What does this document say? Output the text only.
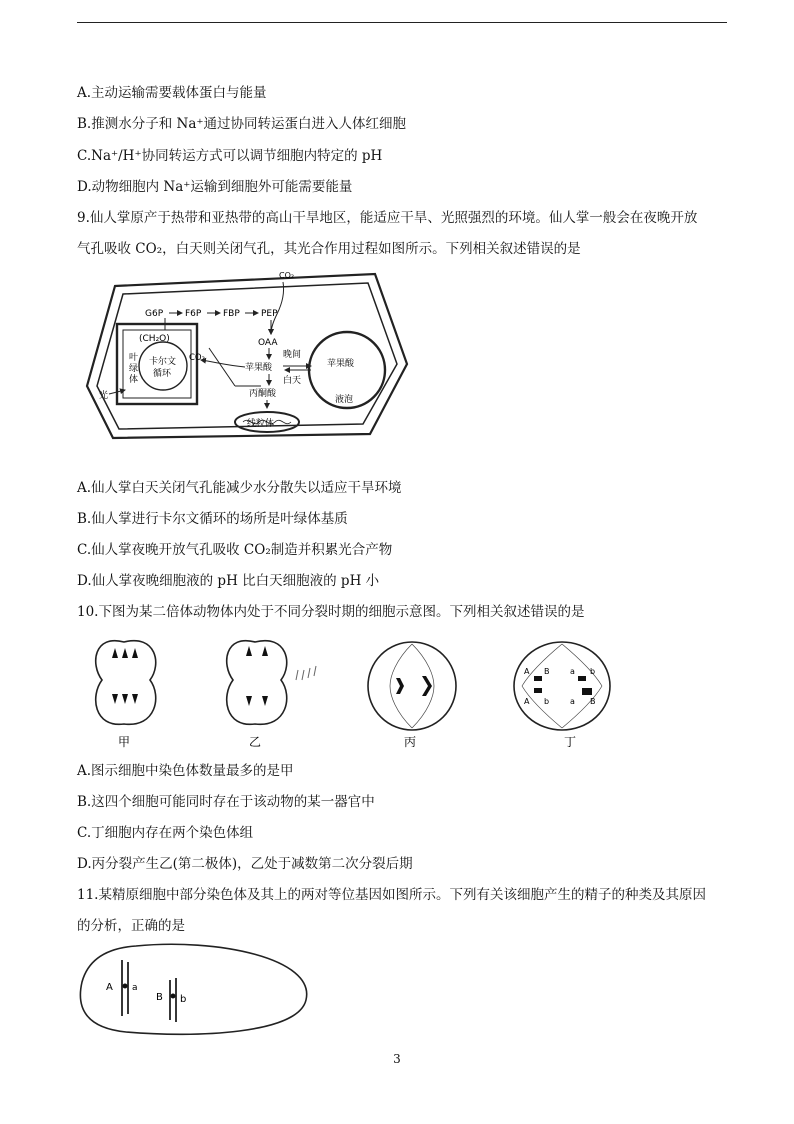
A.主动运输需要载体蛋白与能量
B.推测水分子和 Na⁺通过协同转运蛋白进入人体红细胞
C.Na⁺/H⁺协同转运方式可以调节细胞内特定的 pH
D.动物细胞内 Na⁺运输到细胞外可能需要能量
9.仙人掌原产于热带和亚热带的高山干旱地区，能适应干旱、光照强烈的环境。仙人掌一般会在夜晚开放
气孔吸收 CO₂，白天则关闭气孔，其光合作用过程如图所示。下列相关叙述错误的是
(CH₂O)
叶
绿
体
卡尔文
循环
CO₂
G6P F6P FBP PEP
CO₂
OAA
苹果酸
丙酮酸
晚间
白天
苹果酸
液泡
线粒体
光
A.仙人掌白天关闭气孔能减少水分散失以适应干旱环境
B.仙人掌进行卡尔文循环的场所是叶绿体基质
C.仙人掌夜晚开放气孔吸收 CO₂制造并积累光合产物
D.仙人掌夜晚细胞液的 pH 比白天细胞液的 pH 小
10.下图为某二倍体动物体内处于不同分裂时期的细胞示意图。下列相关叙述错误的是
甲	乙	丙
A B	a b
A b	a B
丁
A.图示细胞中染色体数量最多的是甲
B.这四个细胞可能同时存在于该动物的某一器官中
C.丁细胞内存在两个染色体组
D.丙分裂产生乙(第二极体)，乙处于减数第二次分裂后期
11.某精原细胞中部分染色体及其上的两对等位基因如图所示。下列有关该细胞产生的精子的种类及其原因
的分析，正确的是
A a
B b
3
